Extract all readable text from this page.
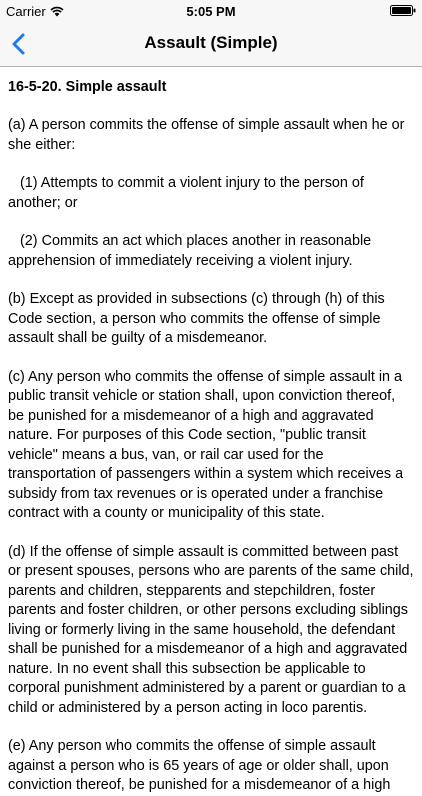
Carrier	5:05 PM
Assault (Simple)
16-5-20. Simple assault

(a) A person commits the offense of simple assault when he or she either:

(1) Attempts to commit a violent injury to the person of another; or

(2) Commits an act which places another in reasonable apprehension of immediately receiving a violent injury.

(b) Except as provided in subsections (c) through (h) of this Code section, a person who commits the offense of simple assault shall be guilty of a misdemeanor.

(c) Any person who commits the offense of simple assault in a public transit vehicle or station shall, upon conviction thereof, be punished for a misdemeanor of a high and aggravated nature. For purposes of this Code section, "public transit vehicle" means a bus, van, or rail car used for the transportation of passengers within a system which receives a subsidy from tax revenues or is operated under a franchise contract with a county or municipality of this state.

(d) If the offense of simple assault is committed between past or present spouses, persons who are parents of the same child, parents and children, stepparents and stepchildren, foster parents and foster children, or other persons excluding siblings living or formerly living in the same household, the defendant shall be punished for a misdemeanor of a high and aggravated nature. In no event shall this subsection be applicable to corporal punishment administered by a parent or guardian to a child or administered by a person acting in loco parentis.

(e) Any person who commits the offense of simple assault against a person who is 65 years of age or older shall, upon conviction thereof, be punished for a misdemeanor of a high
